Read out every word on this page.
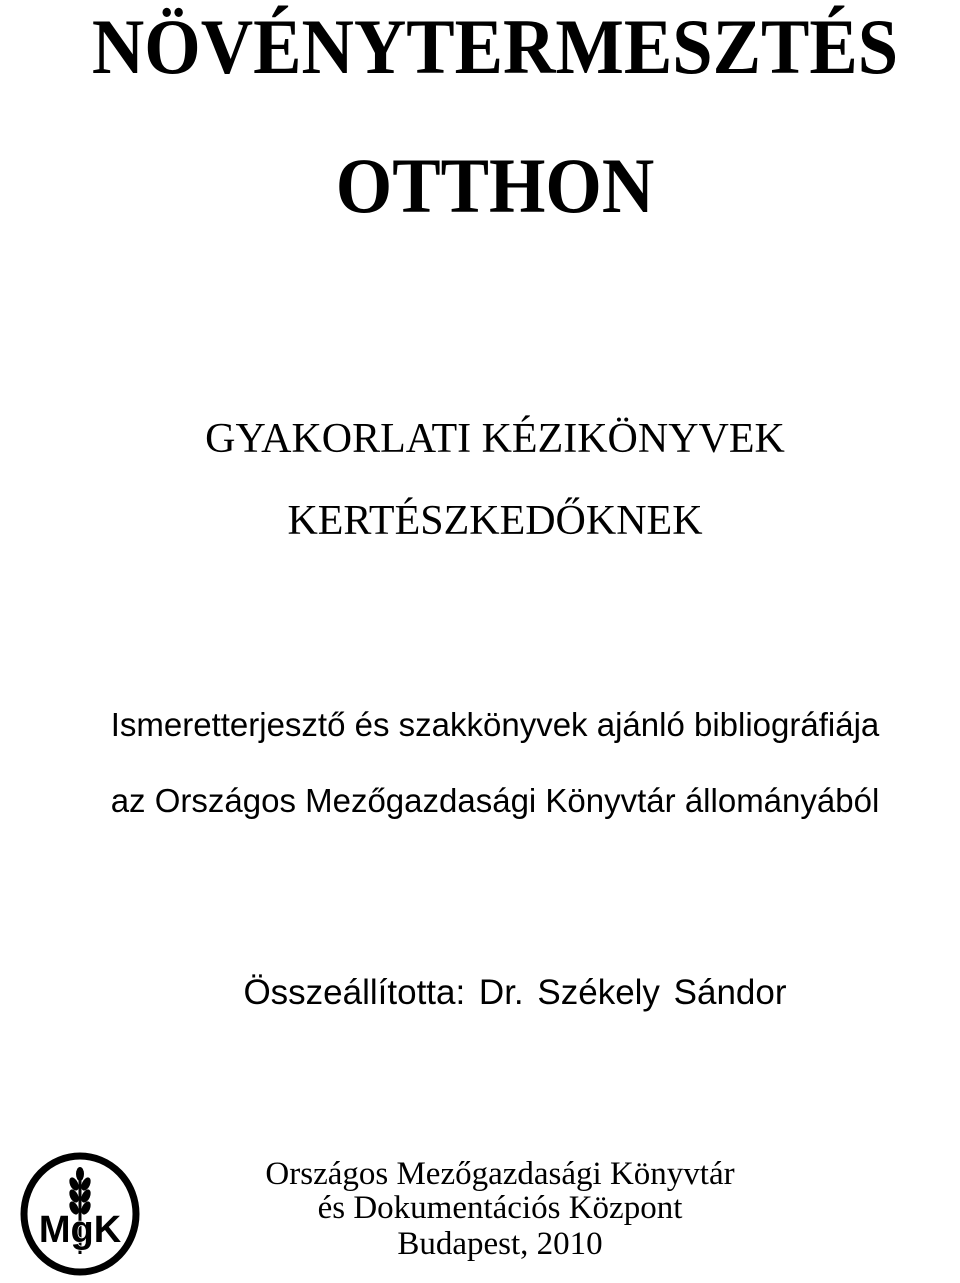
NÖVÉNYTERMESZTÉS
OTTHON
GYAKORLATI KÉZIKÖNYVEK
KERTÉSZKEDŐKNEK
Ismeretterjesztő és szakkönyvek ajánló bibliográfiája
az Országos Mezőgazdasági Könyvtár állományából
Összeállította: Dr. Székely Sándor
MgK
Országos Mezőgazdasági Könyvtár
és Dokumentációs Központ
Budapest, 2010
